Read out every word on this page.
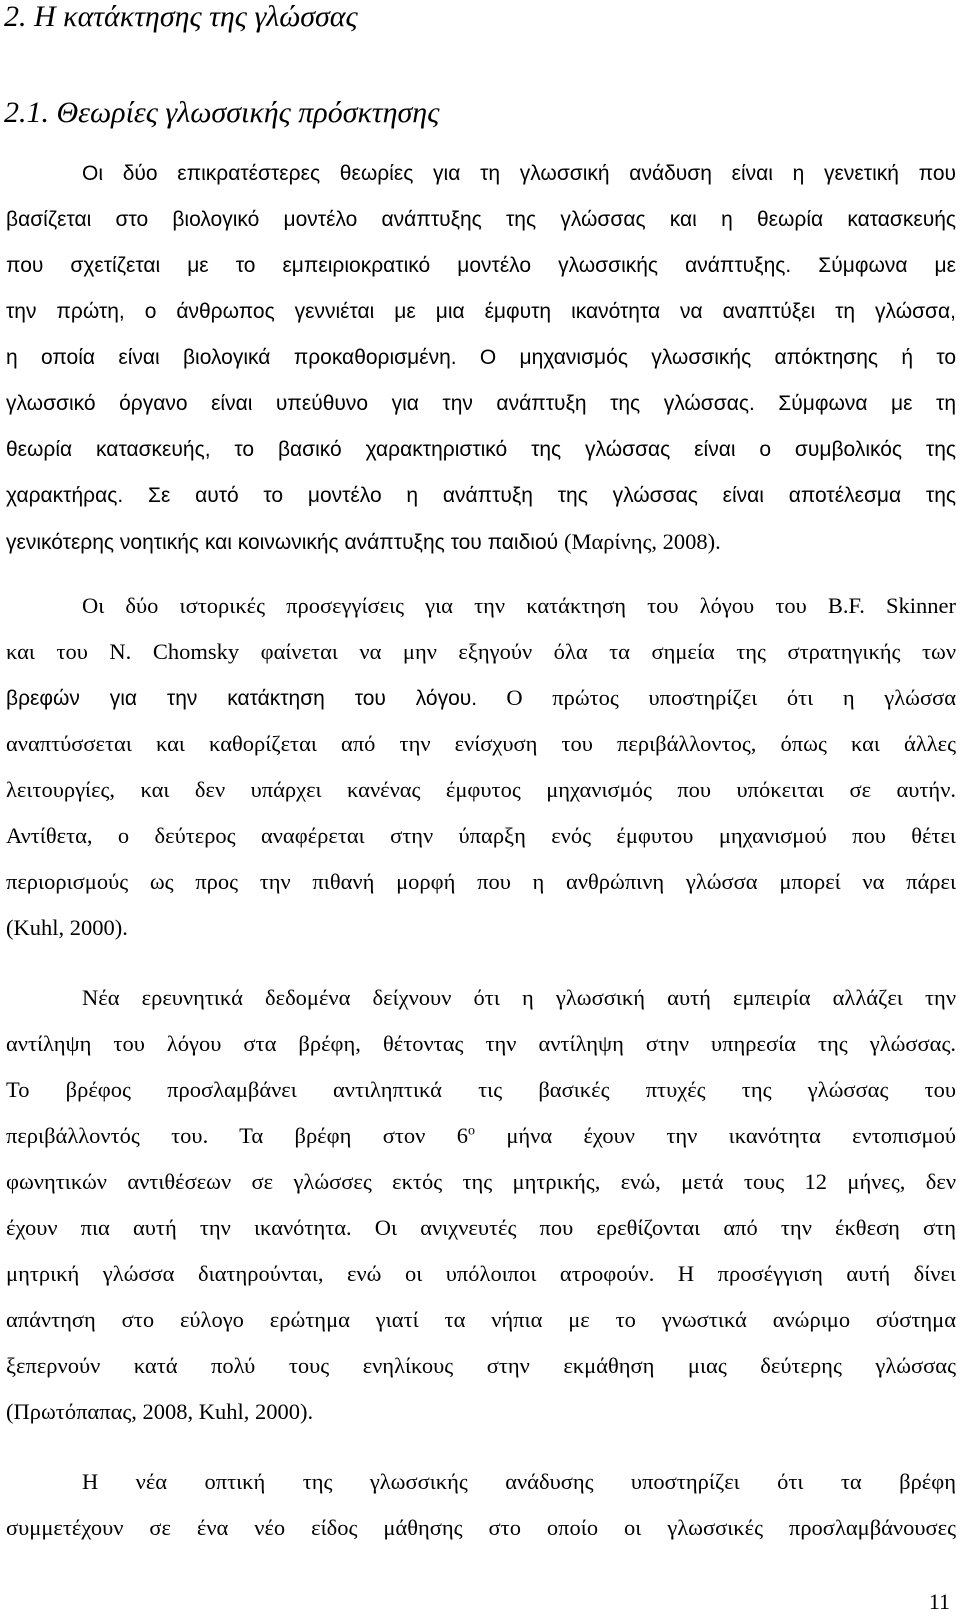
2. Η κατάκτησης της γλώσσας
2.1. Θεωρίες γλωσσικής πρόσκτησης
Οι δύο επικρατέστερες θεωρίες για τη γλωσσική ανάδυση είναι η γενετική που
βασίζεται στο βιολογικό μοντέλο ανάπτυξης της γλώσσας και η θεωρία κατασκευής
που σχετίζεται με το εμπειριοκρατικό μοντέλο γλωσσικής ανάπτυξης. Σύμφωνα με
την πρώτη, ο άνθρωπος γεννιέται με μια έμφυτη ικανότητα να αναπτύξει τη γλώσσα,
η οποία είναι βιολογικά προκαθορισμένη. Ο μηχανισμός γλωσσικής απόκτησης ή το
γλωσσικό όργανο είναι υπεύθυνο για την ανάπτυξη της γλώσσας. Σύμφωνα με τη
θεωρία κατασκευής, το βασικό χαρακτηριστικό της γλώσσας είναι ο συμβολικός της
χαρακτήρας. Σε αυτό το μοντέλο η ανάπτυξη της γλώσσας είναι αποτέλεσμα της
γενικότερης νοητικής και κοινωνικής ανάπτυξης του παιδιού (Μαρίνης, 2008).
Οι δύο ιστορικές προσεγγίσεις για την κατάκτηση του λόγου του B.F. Skinner
και του N. Chomsky φαίνεται να μην εξηγούν όλα τα σημεία της στρατηγικής των
βρεφών για την κατάκτηση του λόγου. Ο πρώτος υποστηρίζει ότι η γλώσσα
αναπτύσσεται και καθορίζεται από την ενίσχυση του περιβάλλοντος, όπως και άλλες
λειτουργίες, και δεν υπάρχει κανένας έμφυτος μηχανισμός που υπόκειται σε αυτήν.
Αντίθετα, ο δεύτερος αναφέρεται στην ύπαρξη ενός έμφυτου μηχανισμού που θέτει
περιορισμούς ως προς την πιθανή μορφή που η ανθρώπινη γλώσσα μπορεί να πάρει
(Kuhl, 2000).
Νέα ερευνητικά δεδομένα δείχνουν ότι η γλωσσική αυτή εμπειρία αλλάζει την
αντίληψη του λόγου στα βρέφη, θέτοντας την αντίληψη στην υπηρεσία της γλώσσας.
Το βρέφος προσλαμβάνει αντιληπτικά τις βασικές πτυχές της γλώσσας του
περιβάλλοντός του. Τα βρέφη στον $6^o$ μήνα έχουν την ικανότητα εντοπισμού
φωνητικών αντιθέσεων σε γλώσσες εκτός της μητρικής, ενώ, μετά τους 12 μήνες, δεν
έχουν πια αυτή την ικανότητα. Οι ανιχνευτές που ερεθίζονται από την έκθεση στη
μητρική γλώσσα διατηρούνται, ενώ οι υπόλοιποι ατροφούν. Η προσέγγιση αυτή δίνει
απάντηση στο εύλογο ερώτημα γιατί τα νήπια με το γνωστικά ανώριμο σύστημα
ξεπερνούν κατά πολύ τους ενηλίκους στην εκμάθηση μιας δεύτερης γλώσσας
(Πρωτόπαπας, 2008, Kuhl, 2000).
Η νέα οπτική της γλωσσικής ανάδυσης υποστηρίζει ότι τα βρέφη
συμμετέχουν σε ένα νέο είδος μάθησης στο οποίο οι γλωσσικές προσλαμβάνουσες
11
